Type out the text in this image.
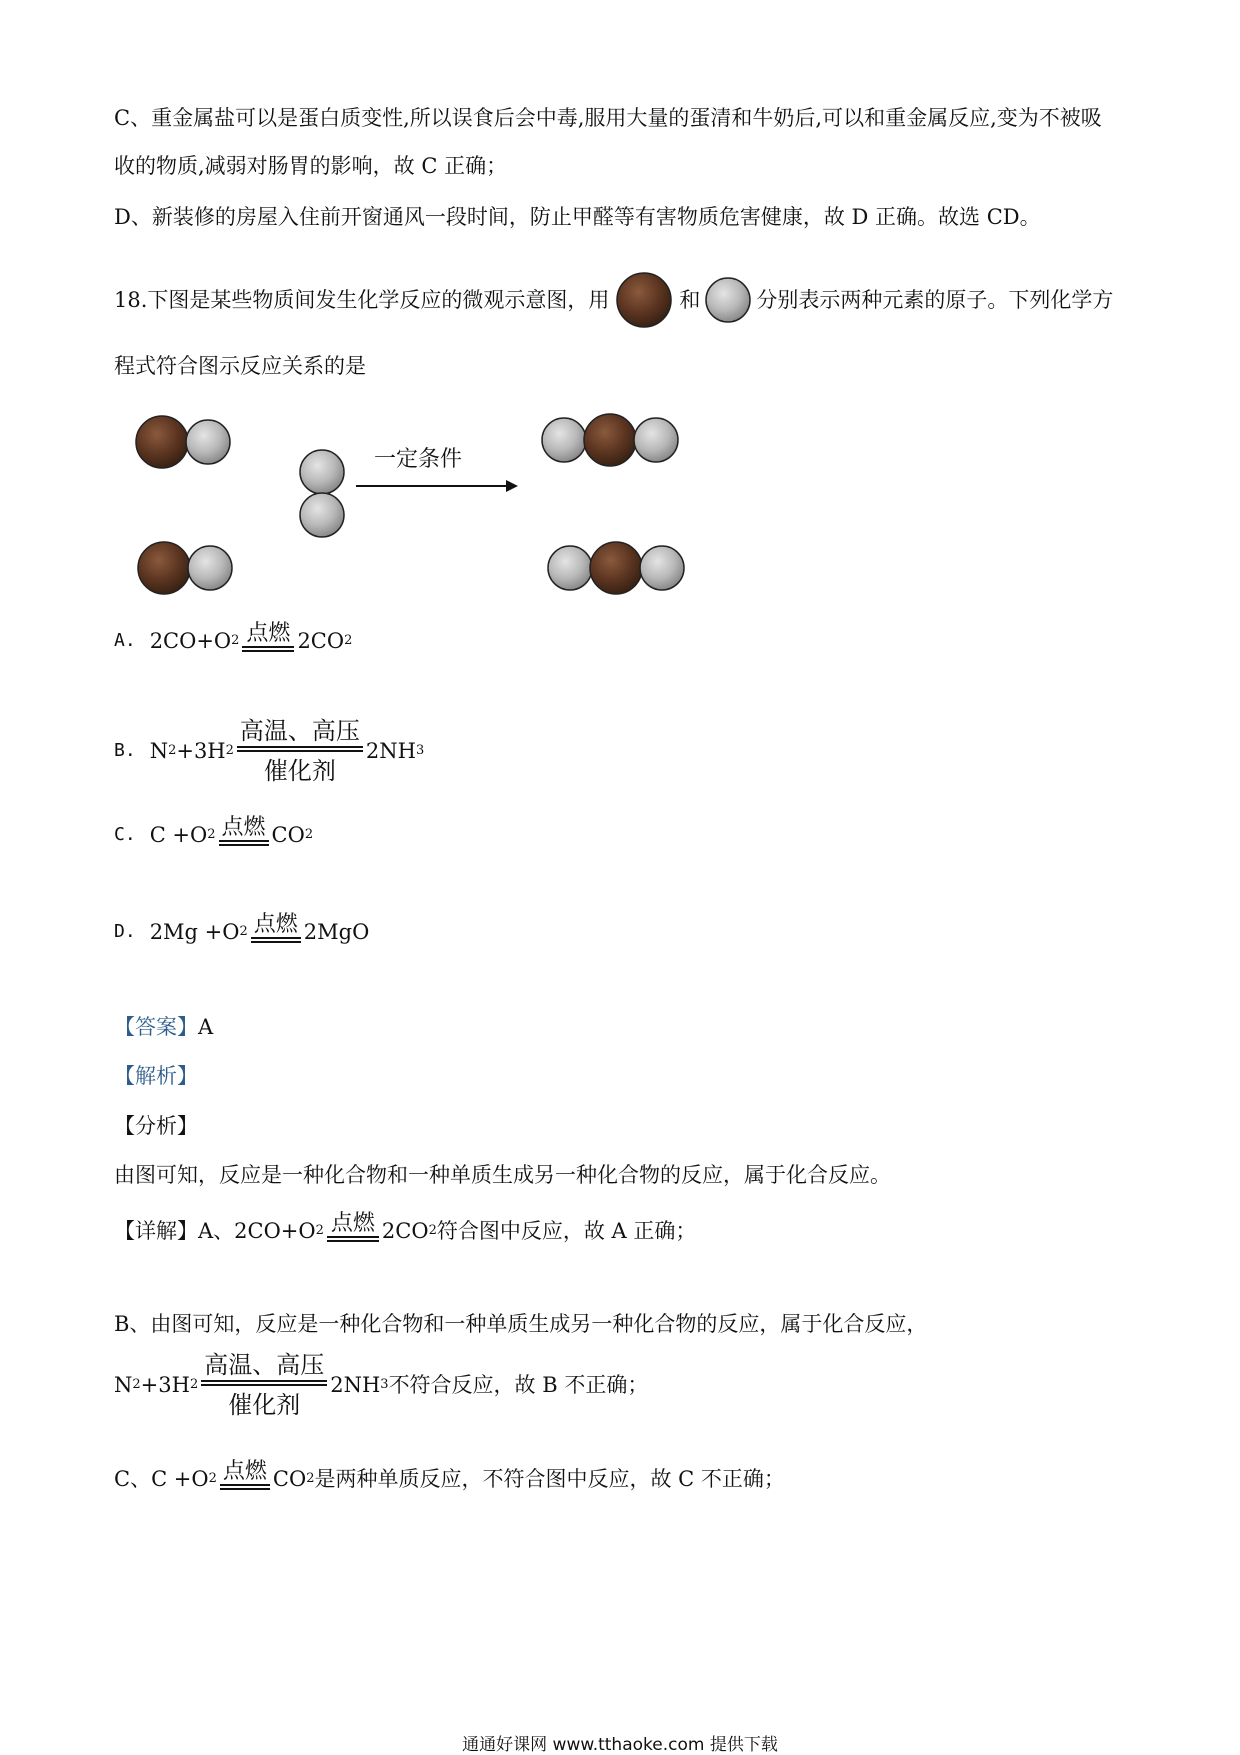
C、重金属盐可以是蛋白质变性,所以误食后会中毒,服用大量的蛋清和牛奶后,可以和重金属反应,变为不被吸
收的物质,减弱对肠胃的影响，故 C 正确；
D、新装修的房屋入住前开窗通风一段时间，防止甲醛等有害物质危害健康，故 D 正确。故选 CD。
18.下图是某些物质间发生化学反应的微观示意图，用	和	分别表示两种元素的原子。下列化学方
程式符合图示反应关系的是
一定条件
A. 2CO+O 2 点燃 2CO 2
B. N 2 +3H 2
高温、高压
催化剂
2NH 3
C. C +O 2 点燃 CO 2
D. 2Mg +O 2 点燃 2MgO
【答案】A
【解析】
【分析】
由图可知，反应是一种化合物和一种单质生成另一种化合物的反应，属于化合反应。
【详解】 A、2CO+O 2 点燃 2CO 2 符合图中反应，故 A 正确；
B、由图可知，反应是一种化合物和一种单质生成另一种化合物的反应，属于化合反应，
N 2 +3H 2
高温、高压
催化剂
2NH 3 不符合反应，故 B 不正确；
C、C +O 2 点燃 CO 2 是两种单质反应，不符合图中反应，故 C 不正确；
通通好课网 www.tthaoke.com 提供下载
